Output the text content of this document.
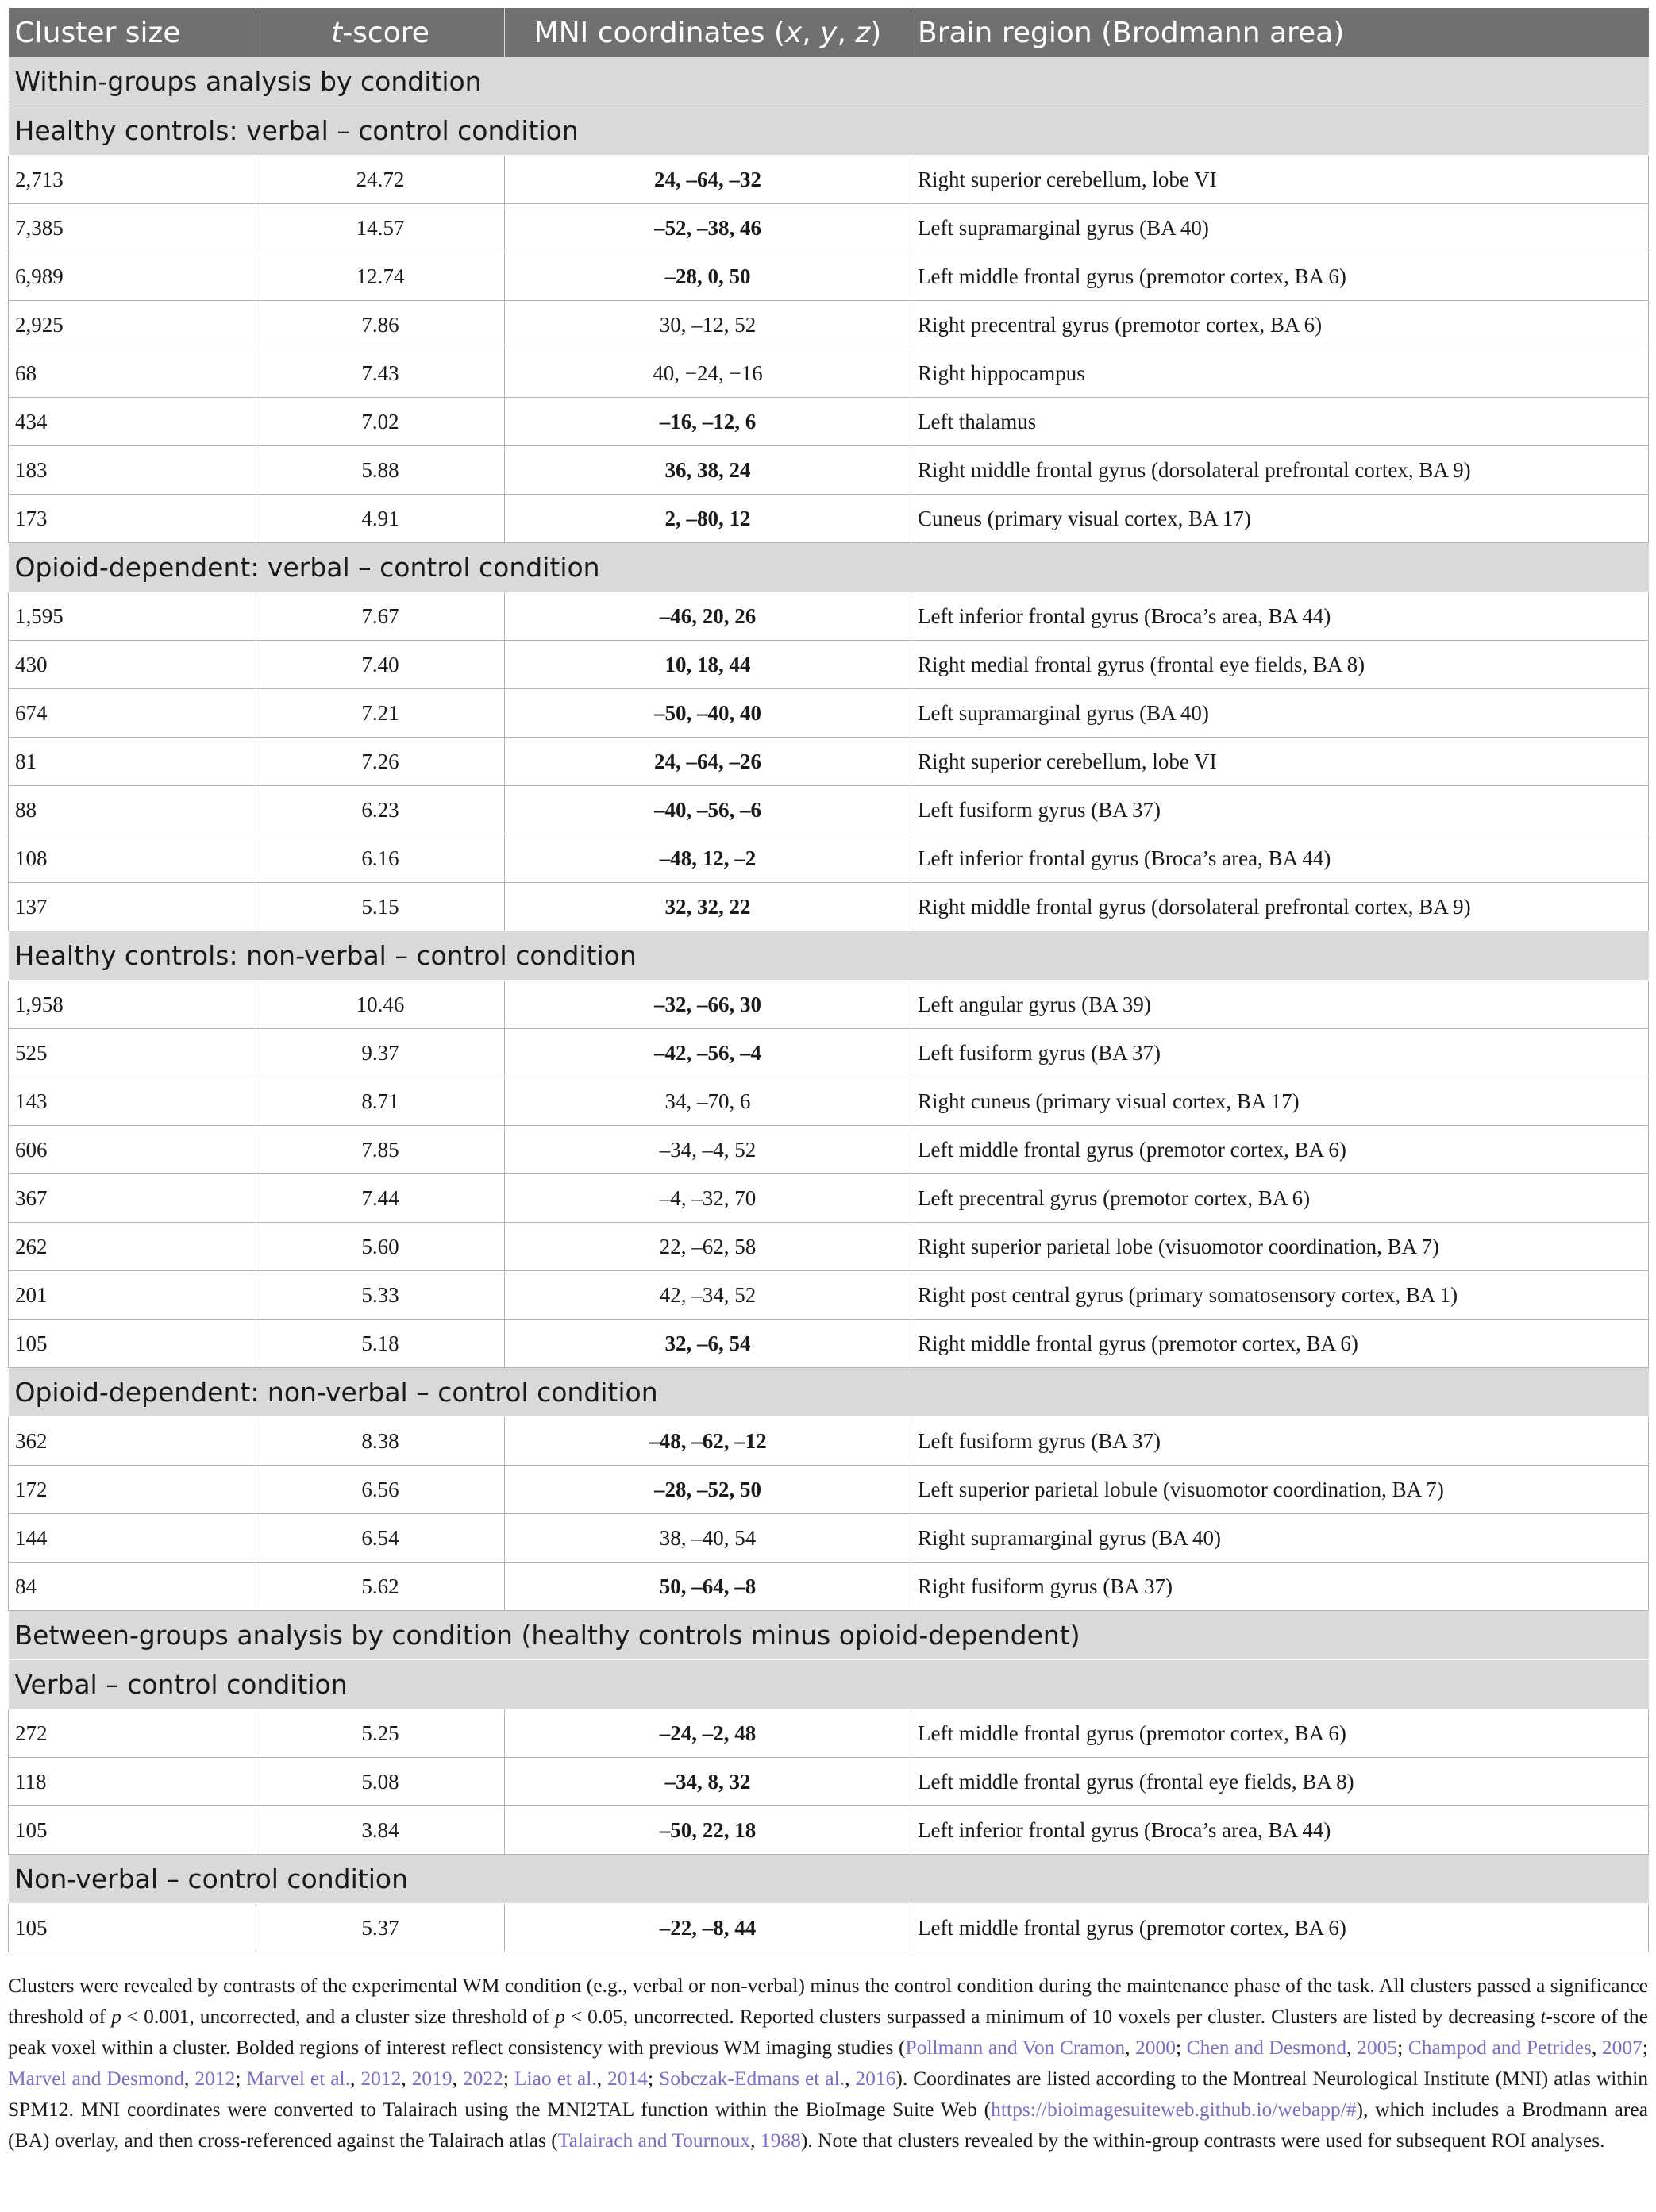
Cluster size	t-score	MNI coordinates (x, y, z)	Brain region (Brodmann area)
Within-groups analysis by condition			
Healthy controls: verbal – control condition			
2,713	24.72	24, –64, –32	Right superior cerebellum, lobe VI
7,385	14.57	–52, –38, 46	Left supramarginal gyrus (BA 40)
6,989	12.74	–28, 0, 50	Left middle frontal gyrus (premotor cortex, BA 6)
2,925	7.86	30, –12, 52	Right precentral gyrus (premotor cortex, BA 6)
68	7.43	40, −24, −16	Right hippocampus
434	7.02	–16, –12, 6	Left thalamus
183	5.88	36, 38, 24	Right middle frontal gyrus (dorsolateral prefrontal cortex, BA 9)
173	4.91	2, –80, 12	Cuneus (primary visual cortex, BA 17)
Opioid-dependent: verbal – control condition			
1,595	7.67	–46, 20, 26	Left inferior frontal gyrus (Broca’s area, BA 44)
430	7.40	10, 18, 44	Right medial frontal gyrus (frontal eye fields, BA 8)
674	7.21	–50, –40, 40	Left supramarginal gyrus (BA 40)
81	7.26	24, –64, –26	Right superior cerebellum, lobe VI
88	6.23	–40, –56, –6	Left fusiform gyrus (BA 37)
108	6.16	–48, 12, –2	Left inferior frontal gyrus (Broca’s area, BA 44)
137	5.15	32, 32, 22	Right middle frontal gyrus (dorsolateral prefrontal cortex, BA 9)
Healthy controls: non-verbal – control condition			
1,958	10.46	–32, –66, 30	Left angular gyrus (BA 39)
525	9.37	–42, –56, –4	Left fusiform gyrus (BA 37)
143	8.71	34, –70, 6	Right cuneus (primary visual cortex, BA 17)
606	7.85	–34, –4, 52	Left middle frontal gyrus (premotor cortex, BA 6)
367	7.44	–4, –32, 70	Left precentral gyrus (premotor cortex, BA 6)
262	5.60	22, –62, 58	Right superior parietal lobe (visuomotor coordination, BA 7)
201	5.33	42, –34, 52	Right post central gyrus (primary somatosensory cortex, BA 1)
105	5.18	32, –6, 54	Right middle frontal gyrus (premotor cortex, BA 6)
Opioid-dependent: non-verbal – control condition			
362	8.38	–48, –62, –12	Left fusiform gyrus (BA 37)
172	6.56	–28, –52, 50	Left superior parietal lobule (visuomotor coordination, BA 7)
144	6.54	38, –40, 54	Right supramarginal gyrus (BA 40)
84	5.62	50, –64, –8	Right fusiform gyrus (BA 37)
Between-groups analysis by condition (healthy controls minus opioid-dependent)			
Verbal – control condition			
272	5.25	–24, –2, 48	Left middle frontal gyrus (premotor cortex, BA 6)
118	5.08	–34, 8, 32	Left middle frontal gyrus (frontal eye fields, BA 8)
105	3.84	–50, 22, 18	Left inferior frontal gyrus (Broca’s area, BA 44)
Non-verbal – control condition			
105	5.37	–22, –8, 44	Left middle frontal gyrus (premotor cortex, BA 6)
Clusters were revealed by contrasts of the experimental WM condition (e.g., verbal or non-verbal) minus the control condition during the maintenance phase of the task. All clusters passed a significance threshold of p < 0.001, uncorrected, and a cluster size threshold of p < 0.05, uncorrected. Reported clusters surpassed a minimum of 10 voxels per cluster. Clusters are listed by decreasing t-score of the peak voxel within a cluster. Bolded regions of interest reflect consistency with previous WM imaging studies (Pollmann and Von Cramon, 2000; Chen and Desmond, 2005; Champod and Petrides, 2007; Marvel and Desmond, 2012; Marvel et al., 2012, 2019, 2022; Liao et al., 2014; Sobczak-Edmans et al., 2016). Coordinates are listed according to the Montreal Neurological Institute (MNI) atlas within SPM12. MNI coordinates were converted to Talairach using the MNI2TAL function within the BioImage Suite Web (https://bioimagesuiteweb.github.io/webapp/#), which includes a Brodmann area (BA) overlay, and then cross-referenced against the Talairach atlas (Talairach and Tournoux, 1988). Note that clusters revealed by the within-group contrasts were used for subsequent ROI analyses.
